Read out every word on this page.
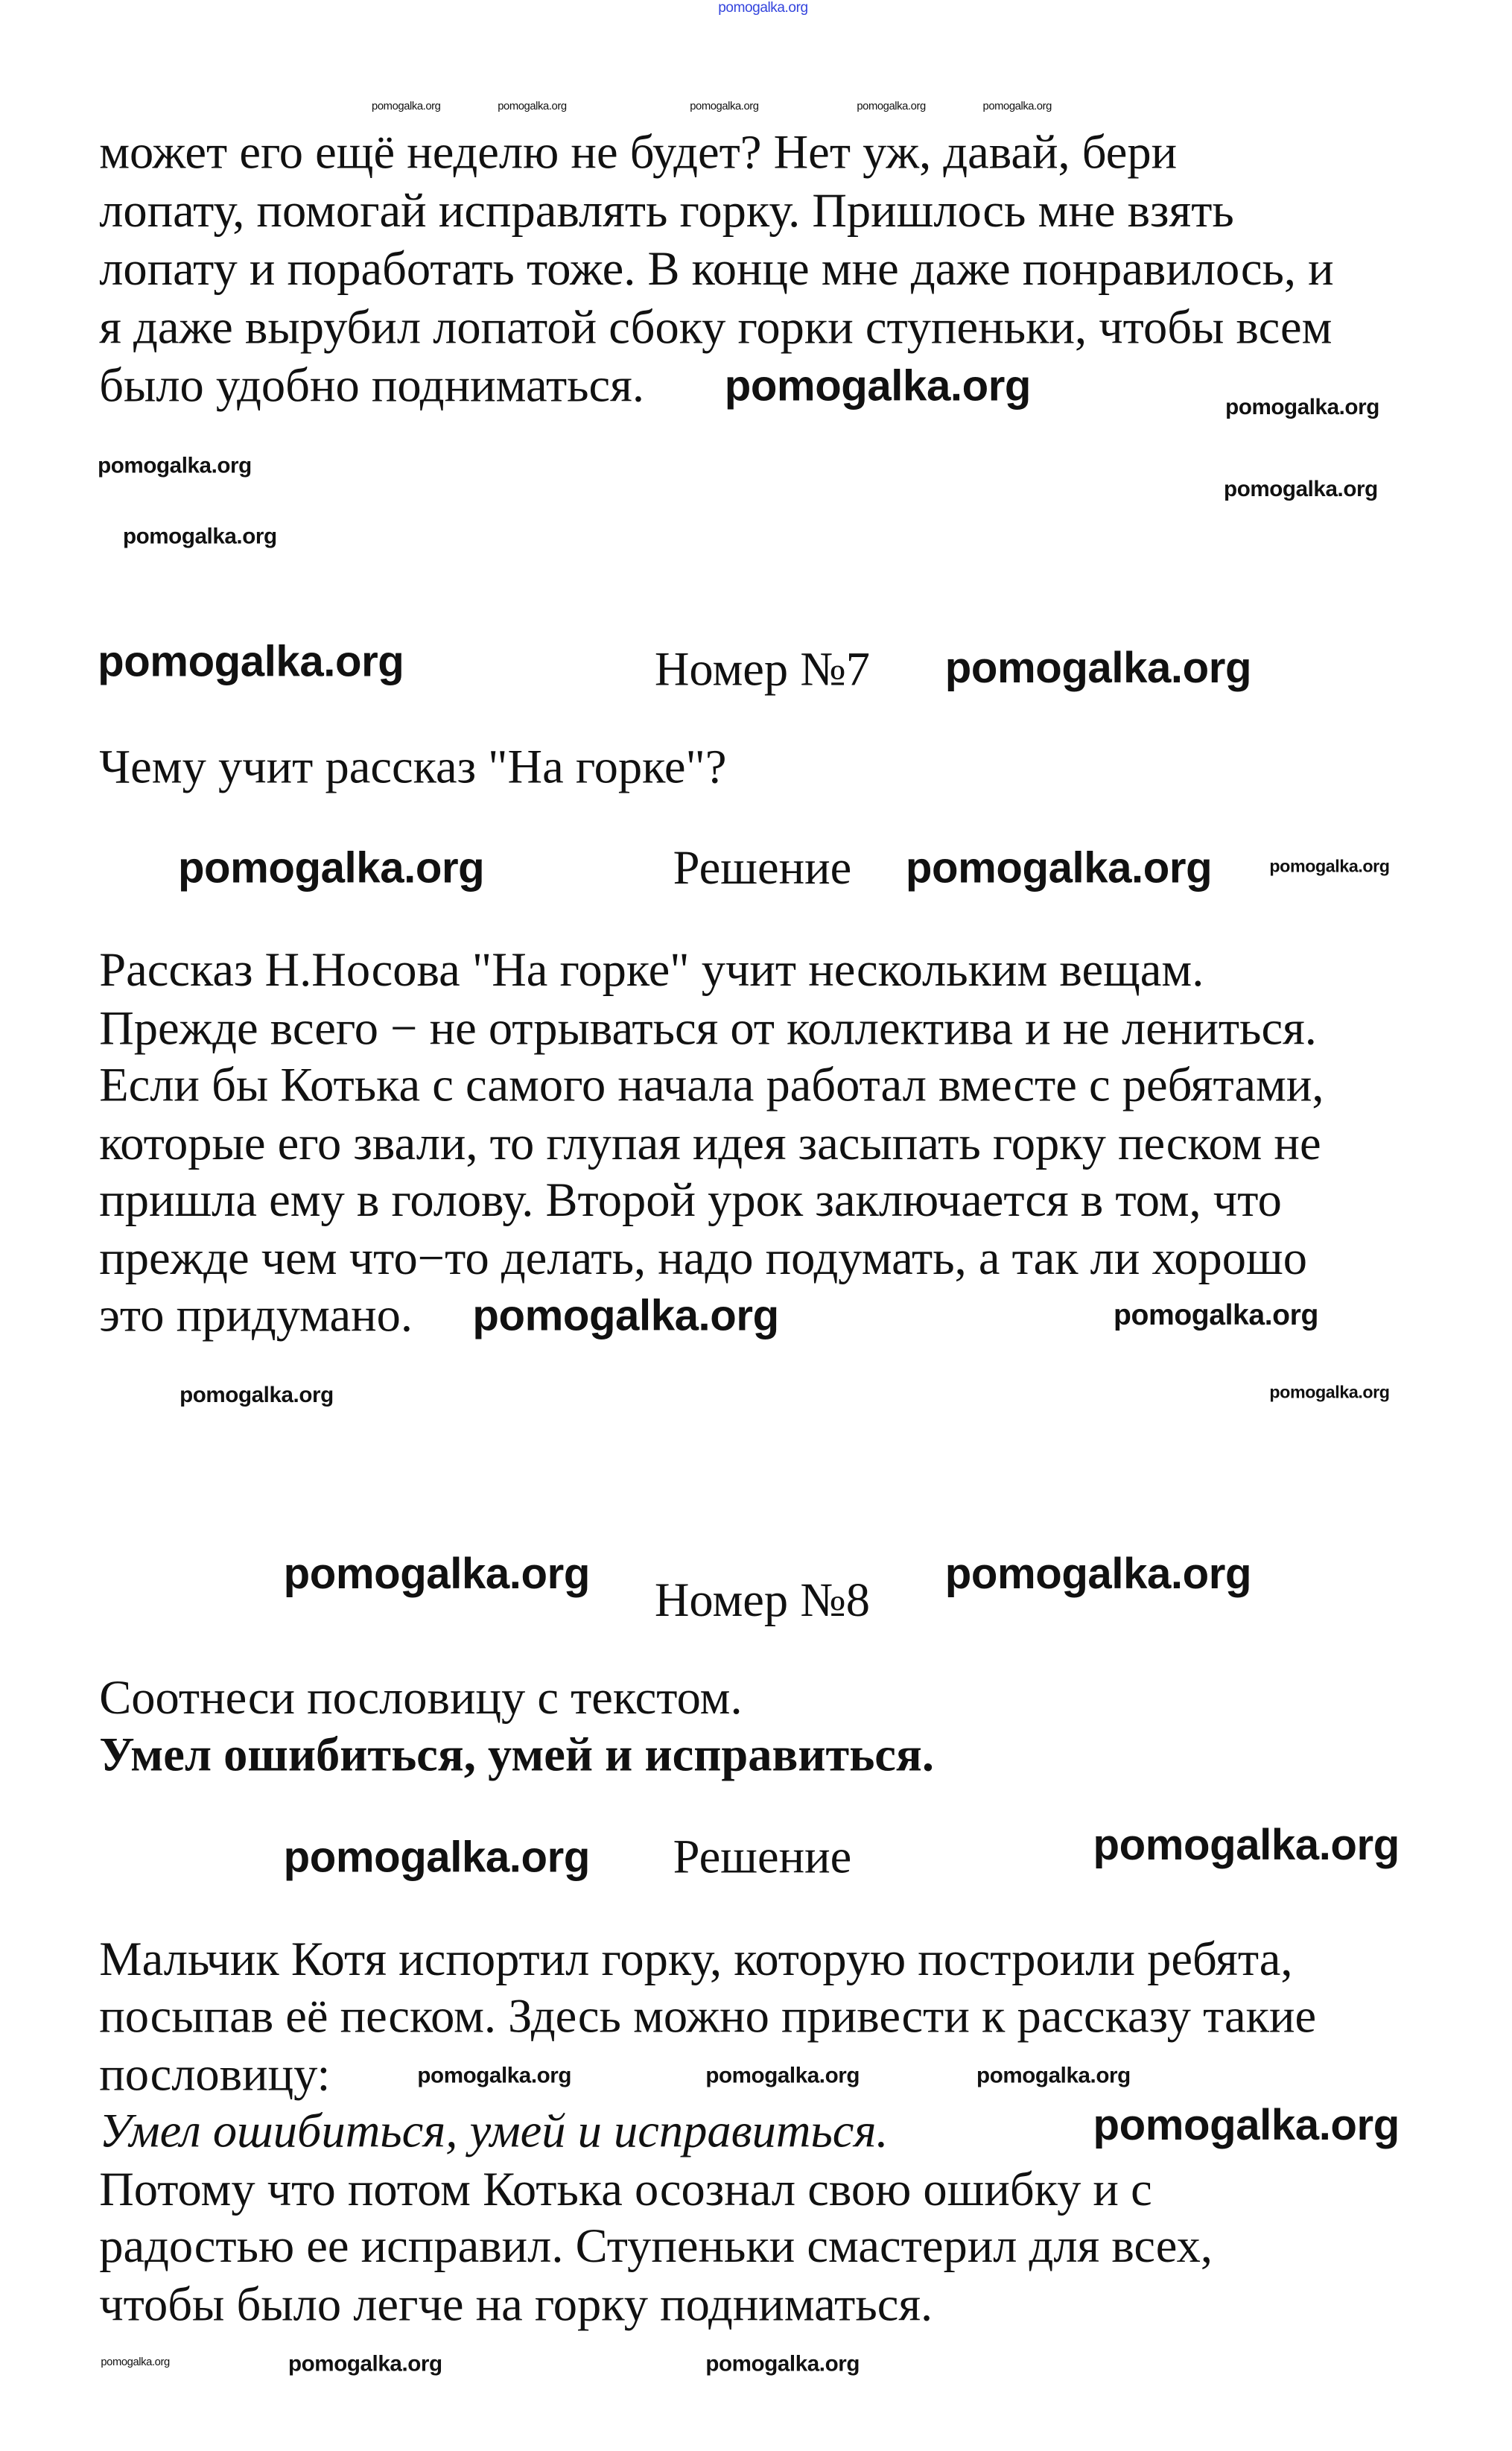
pomogalka.org
может его ещё неделю не будет? Нет уж, давай, бери
лопату, помогай исправлять горку. Пришлось мне взять
лопату и поработать тоже. В конце мне даже понравилось, и
я даже вырубил лопатой сбоку горки ступеньки, чтобы всем
было удобно подниматься.
Номер №7
Чему учит рассказ "На горке"?
Решение
Рассказ Н.Носова "На горке" учит нескольким вещам.
Прежде всего − не отрываться от коллектива и не лениться.
Если бы Котька с самого начала работал вместе с ребятами,
которые его звали, то глупая идея засыпать горку песком не
пришла ему в голову. Второй урок заключается в том, что
прежде чем что−то делать, надо подумать, а так ли хорошо
это придумано.
Номер №8
Соотнеси пословицу с текстом.
Умел ошибиться, умей и исправиться.
Решение
Мальчик Котя испортил горку, которую построили ребята,
посыпав её песком. Здесь можно привести к рассказу такие
пословицу:
Умел ошибиться, умей и исправиться.
Потому что потом Котька осознал свою ошибку и с
радостью ее исправил. Ступеньки смастерил для всех,
чтобы было легче на горку подниматься.
pomogalka.org	pomogalka.org	pomogalka.org	pomogalka.org
pomogalka.org
pomogalka.org
pomogalka.org
pomogalka.org
pomogalka.org	pomogalka.org
pomogalka.org	pomogalka.org
pomogalka.org	pomogalka.org	pomogalka.org
pomogalka.org
pomogalka.org
pomogalka.org	pomogalka.org
pomogalka.org	pomogalka.org
pomogalka.org	pomogalka.org
pomogalka.org
pomogalka.org	pomogalka.org
pomogalka.org
pomogalka.org	pomogalka.org	pomogalka.org
